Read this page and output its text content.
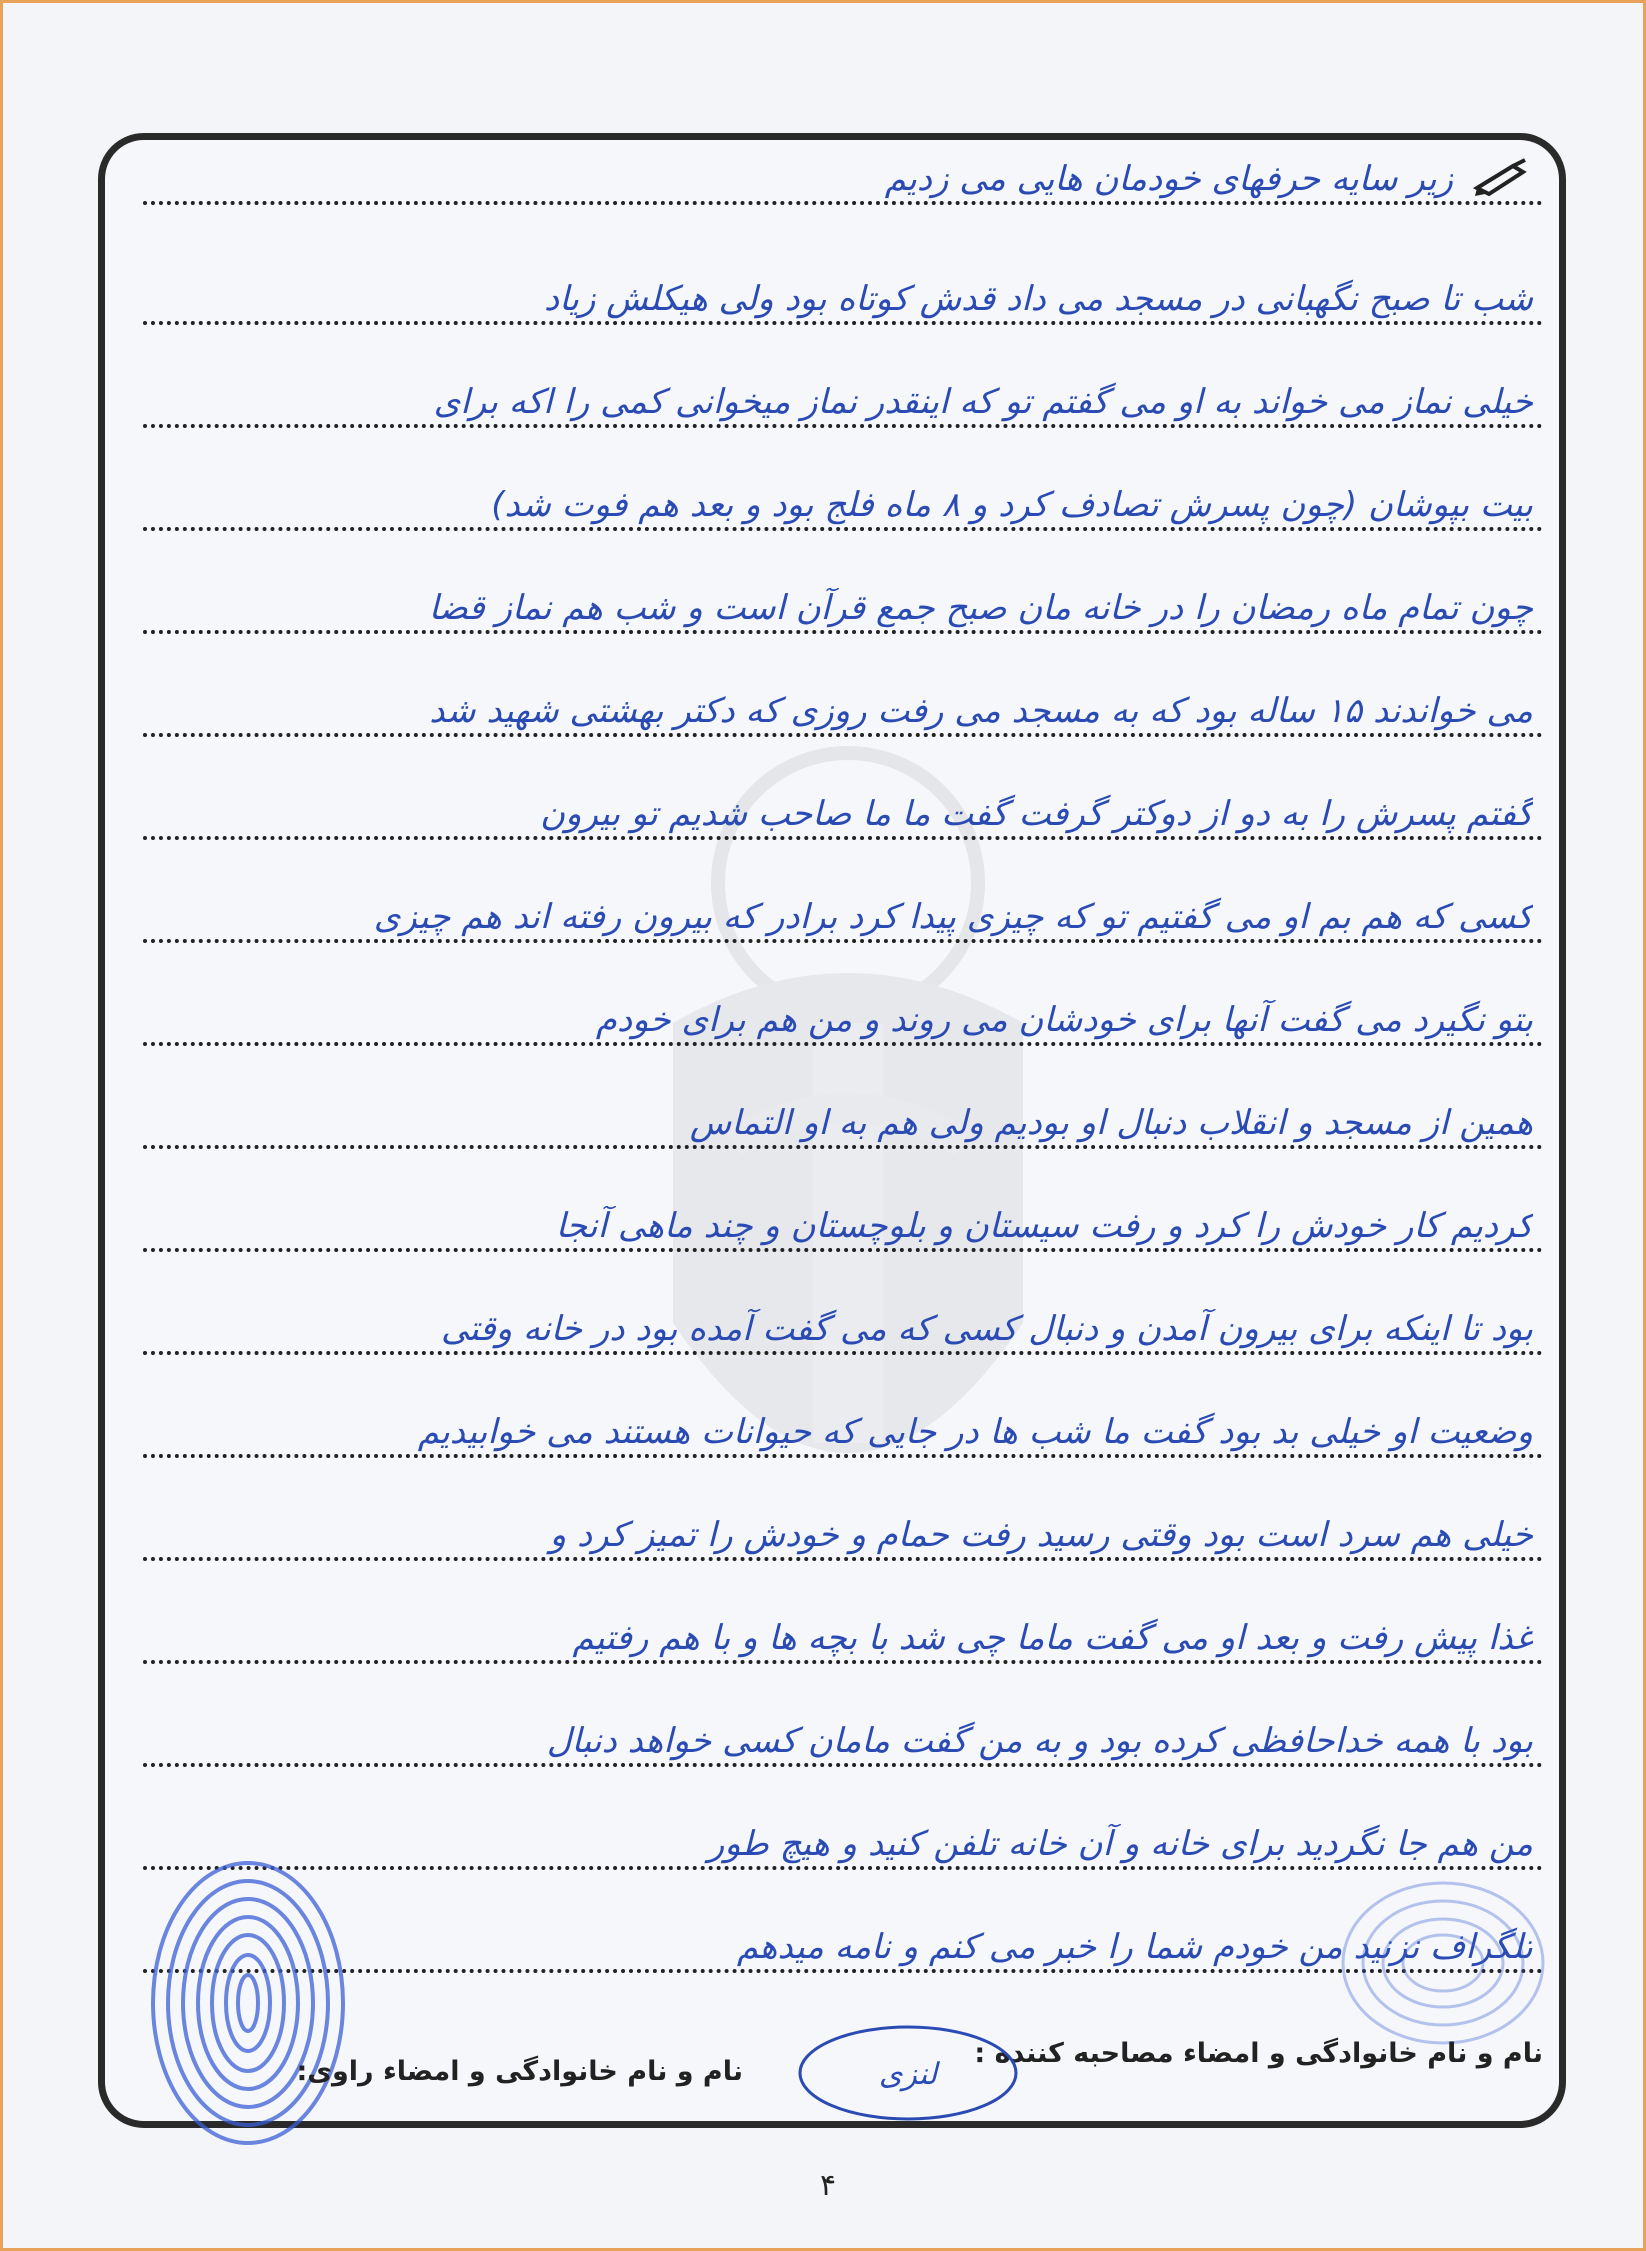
زیر سایه حرفهای خودمان هایی می زدیم
شب تا صبح نگهبانی در مسجد می داد قدش کوتاه بود ولی هیکلش زیاد
خیلی نماز می خواند به او می گفتم تو که اینقدر نماز میخوانی کمی را اکه برای
بیت بپوشان (چون پسرش تصادف کرد و ۸ ماه فلج بود و بعد هم فوت شد)
چون تمام ماه رمضان را در خانه مان صبح جمع قرآن است و شب هم نماز قضا
می خواندند ۱۵ ساله بود که به مسجد می رفت روزی که دکتر بهشتی شهید شد
گفتم پسرش را به دو از دوکتر گرفت گفت ما ما صاحب شدیم تو بیرون
کسی که هم بم او می گفتیم تو که چیزی پیدا کرد برادر که بیرون رفته اند هم چیزی
بتو نگیرد می گفت آنها برای خودشان می روند و من هم برای خودم
همین از مسجد و انقلاب دنبال او بودیم ولی هم به او التماس
کردیم کار خودش را کرد و رفت سیستان و بلوچستان و چند ماهی آنجا
بود تا اینکه برای بیرون آمدن و دنبال کسی که می گفت آمده بود در خانه وقتی
وضعیت او خیلی بد بود گفت ما شب ها در جایی که حیوانات هستند می خوابیدیم
خیلی هم سرد است بود وقتی رسید رفت حمام و خودش را تمیز کرد و
غذا پیش رفت و بعد او می گفت ماما چی شد با بچه ها و با هم رفتیم
بود با همه خداحافظی کرده بود و به من گفت مامان کسی خواهد دنبال
من هم جا نگردید برای خانه و آن خانه تلفن کنید و هیچ طور
تلگراف نزنید من خودم شما را خبر می کنم و نامه میدهم
نام و نام خانوادگی و امضاء مصاحبه کننده :
نام و نام خانوادگی و امضاء راوی:	لنزی
۴
